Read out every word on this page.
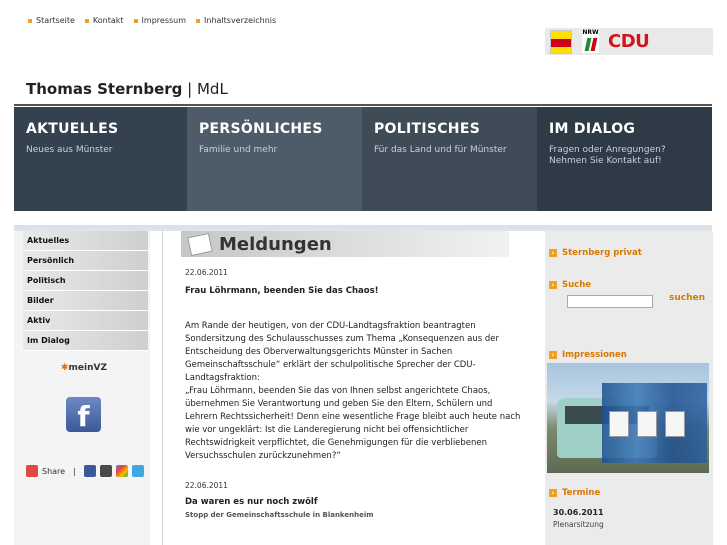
Startseite Kontakt Impressum Inhaltsverzeichnis
NRW CDU
Thomas Sternberg | MdL
AKTUELLES
Neues aus Münster
PERSÖNLICHES
Familie und mehr
POLITISCHES
Für das Land und für Münster
IM DIALOG
Fragen oder Anregungen? Nehmen Sie Kontakt auf!
Aktuelles
Persönlich
Politisch
Bilder
Aktiv
Im Dialog
✱meinVZ
f
Share |
Meldungen
22.06.2011
Frau Löhrmann, beenden Sie das Chaos!
Am Rande der heutigen, von der CDU-Landtagsfraktion beantragten Sondersitzung des Schulausschusses zum Thema „Konsequenzen aus der Entscheidung des Oberverwaltungsgerichts Münster in Sachen Gemeinschaftsschule“ erklärt der schulpolitische Sprecher der CDU-Landtagsfraktion:
„Frau Löhrmann, beenden Sie das von Ihnen selbst angerichtete Chaos, übernehmen Sie Verantwortung und geben Sie den Eltern, Schülern und Lehrern Rechtssicherheit! Denn eine wesentliche Frage bleibt auch heute nach wie vor ungeklärt: Ist die Landeregierung nicht bei offensichtlicher Rechtswidrigkeit verpflichtet, die Genehmigungen für die verbliebenen Versuchsschulen zurückzunehmen?“
22.06.2011
Da waren es nur noch zwölf
Stopp der Gemeinschaftsschule in Blankenheim
› Sternberg privat
› Suche
suchen
› Impressionen
› Termine
30.06.2011
Plenarsitzung
